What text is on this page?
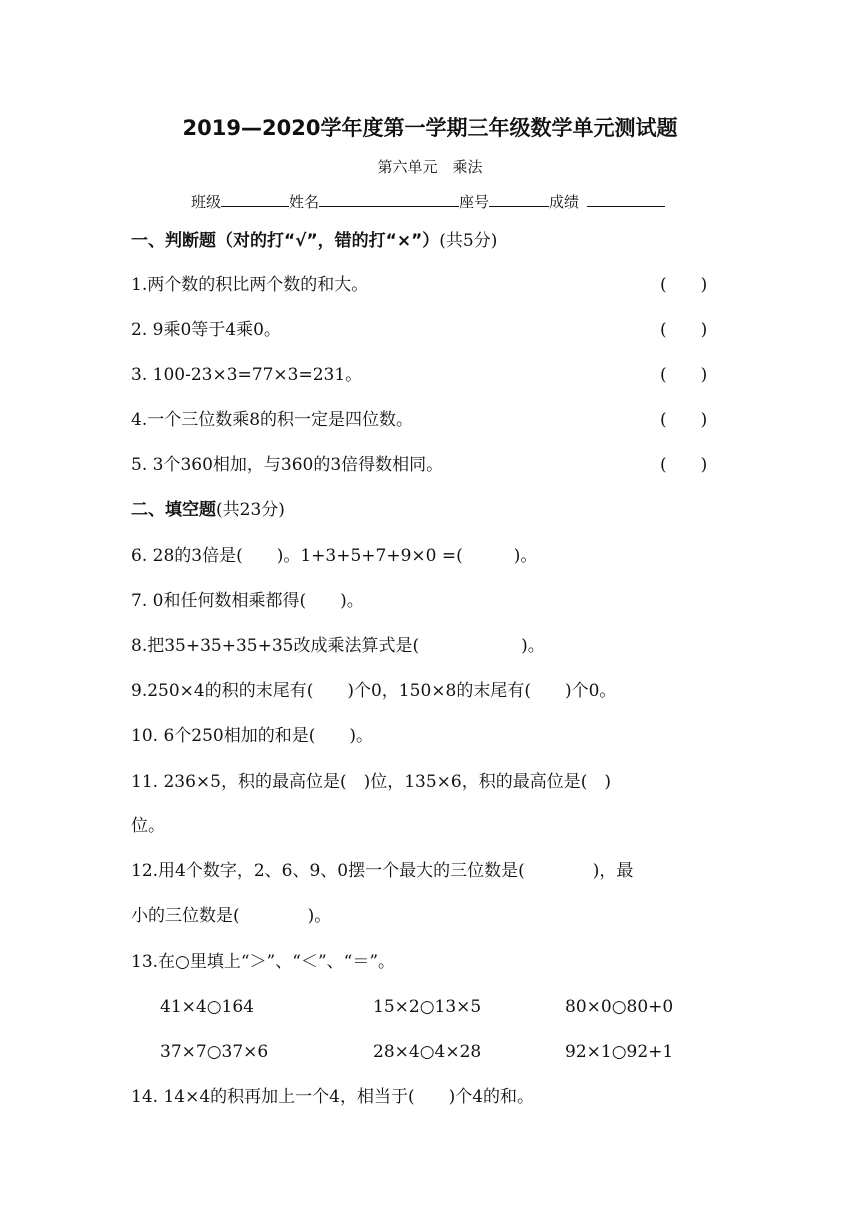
2019—2020学年度第一学期三年级数学单元测试题
第六单元　乘法
班级	姓名	座号	成绩
一、判断题（对的打“√”，错的打“×”）(共5分)
1.两个数的积比两个数的和大。	(　　)
2. 9乘0等于4乘0。	(　　)
3. 100-23×3=77×3=231。	(　　)
4.一个三位数乘8的积一定是四位数。	(　　)
5. 3个360相加，与360的3倍得数相同。	(　　)
二、填空题(共23分)
6. 28的3倍是(　　)。1+3+5+7+9×0 =(　　　)。
7. 0和任何数相乘都得(　　)。
8.把35+35+35+35改成乘法算式是(　　　　　　)。
9.250×4的积的末尾有(　　)个0，150×8的末尾有(　　)个0。
10. 6个250相加的和是(　　)。
11. 236×5，积的最高位是(　)位，135×6，积的最高位是(　)
位。
12.用4个数字，2、6、9、0摆一个最大的三位数是(　　　　)，最
小的三位数是(　　　　)。
13.在○里填上“＞”、“＜”、“＝”。
41×4○164	15×2○13×5	80×0○80+0
37×7○37×6	28×4○4×28	92×1○92+1
14. 14×4的积再加上一个4，相当于(　　)个4的和。
